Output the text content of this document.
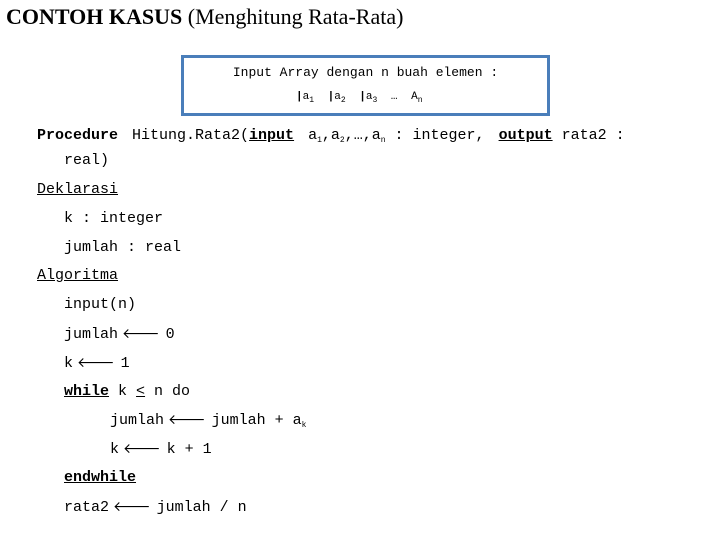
CONTOH KASUS (Menghitung Rata-Rata)
Input Array dengan n buah elemen :
$|a_1$ $|a_2$ $|a_3$ … $A_n$
Procedure Hitung.Rata2(input $a_1,a_2,\dots,a_n$ : integer, output rata2 :
real)
Deklarasi
k : integer
jumlah : real
Algoritma
input(n)
jumlah 🡐 0
k 🡐 1
while k < n do
jumlah 🡐 jumlah + $a_k$
k 🡐 k + 1
endwhile
rata2 🡐 jumlah / n
